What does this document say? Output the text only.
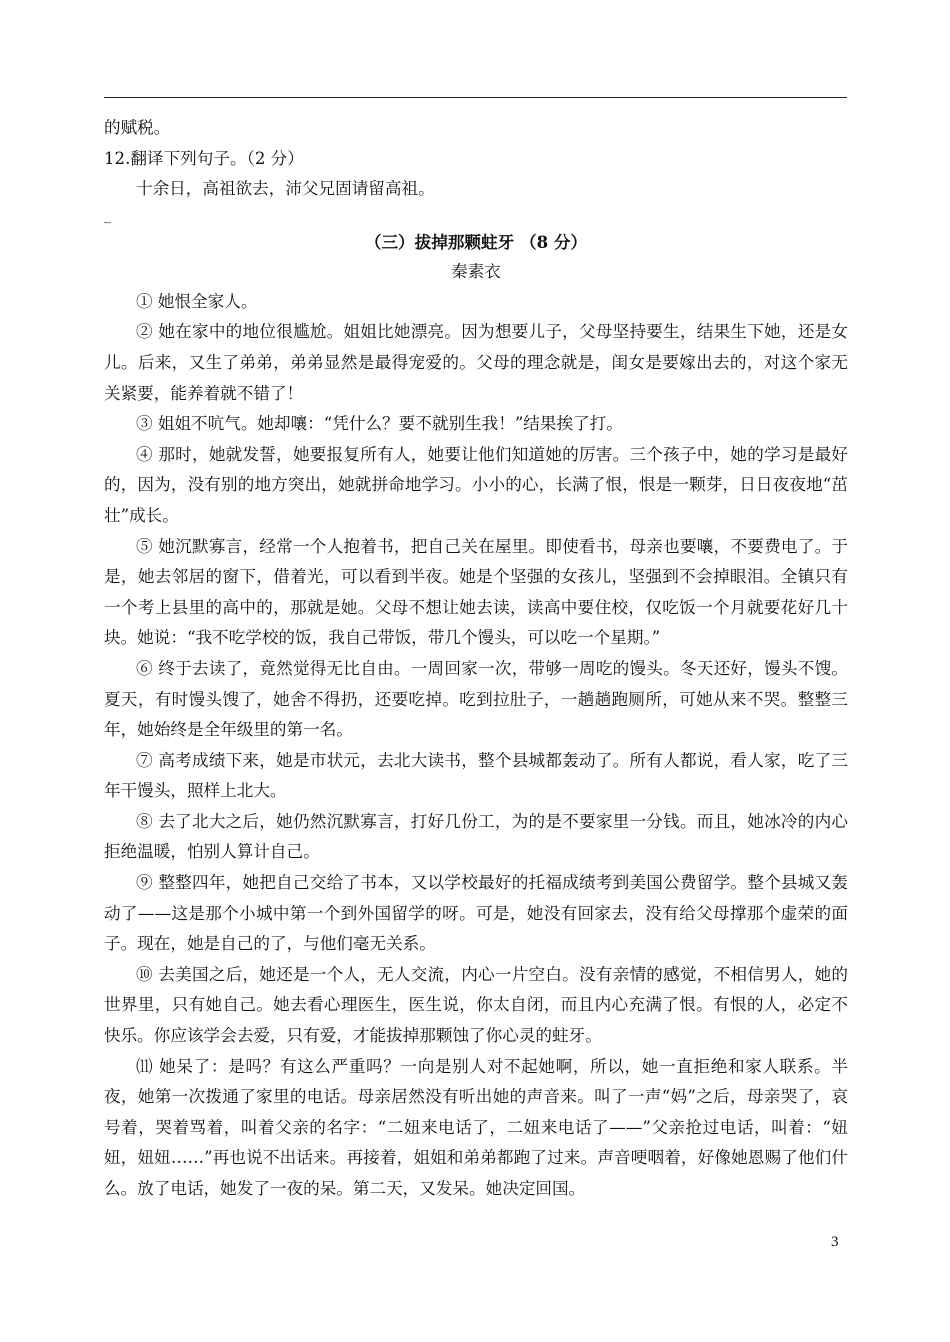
的赋税。
12.翻译下列句子。（2 分）
十余日，高祖欲去，沛父兄固请留高祖。
_
（三）拔掉那颗蛀牙 （8 分）
秦素衣

① 她恨全家人。

② 她在家中的地位很尴尬。姐姐比她漂亮。因为想要儿子，父母坚持要生，结果生下她，还是女儿。后来，又生了弟弟，弟弟显然是最得宠爱的。父母的理念就是，闺女是要嫁出去的，对这个家无关紧要，能养着就不错了！

③ 姐姐不吭气。她却嚷：“凭什么？要不就别生我！”结果挨了打。

④ 那时，她就发誓，她要报复所有人，她要让他们知道她的厉害。三个孩子中，她的学习是最好的，因为，没有别的地方突出，她就拼命地学习。小小的心，长满了恨，恨是一颗芽，日日夜夜地“茁壮”成长。

⑤ 她沉默寡言，经常一个人抱着书，把自己关在屋里。即使看书，母亲也要嚷，不要费电了。于是，她去邻居的窗下，借着光，可以看到半夜。她是个坚强的女孩儿，坚强到不会掉眼泪。全镇只有一个考上县里的高中的，那就是她。父母不想让她去读，读高中要住校，仅吃饭一个月就要花好几十块。她说：“我不吃学校的饭，我自己带饭，带几个馒头，可以吃一个星期。”

⑥ 终于去读了，竟然觉得无比自由。一周回家一次，带够一周吃的馒头。冬天还好，馒头不馊。夏天，有时馒头馊了，她舍不得扔，还要吃掉。吃到拉肚子，一趟趟跑厕所，可她从来不哭。整整三年，她始终是全年级里的第一名。

⑦ 高考成绩下来，她是市状元，去北大读书，整个县城都轰动了。所有人都说，看人家，吃了三年干馒头，照样上北大。

⑧ 去了北大之后，她仍然沉默寡言，打好几份工，为的是不要家里一分钱。而且，她冰冷的内心拒绝温暖，怕别人算计自己。

⑨ 整整四年，她把自己交给了书本，又以学校最好的托福成绩考到美国公费留学。整个县城又轰动了——这是那个小城中第一个到外国留学的呀。可是，她没有回家去，没有给父母撑那个虚荣的面子。现在，她是自己的了，与他们毫无关系。

⑩ 去美国之后，她还是一个人，无人交流，内心一片空白。没有亲情的感觉，不相信男人，她的世界里，只有她自己。她去看心理医生，医生说，你太自闭，而且内心充满了恨。有恨的人，必定不快乐。你应该学会去爱，只有爱，才能拔掉那颗蚀了你心灵的蛀牙。

⑾ 她呆了：是吗？有这么严重吗？一向是别人对不起她啊，所以，她一直拒绝和家人联系。半夜，她第一次拨通了家里的电话。母亲居然没有听出她的声音来。叫了一声“妈”之后，母亲哭了，哀号着，哭着骂着，叫着父亲的名字：“二妞来电话了，二妞来电话了——”父亲抢过电话，叫着：“妞妞，妞妞……”再也说不出话来。再接着，姐姐和弟弟都跑了过来。声音哽咽着，好像她恩赐了他们什么。放了电话，她发了一夜的呆。第二天，又发呆。她决定回国。

3
